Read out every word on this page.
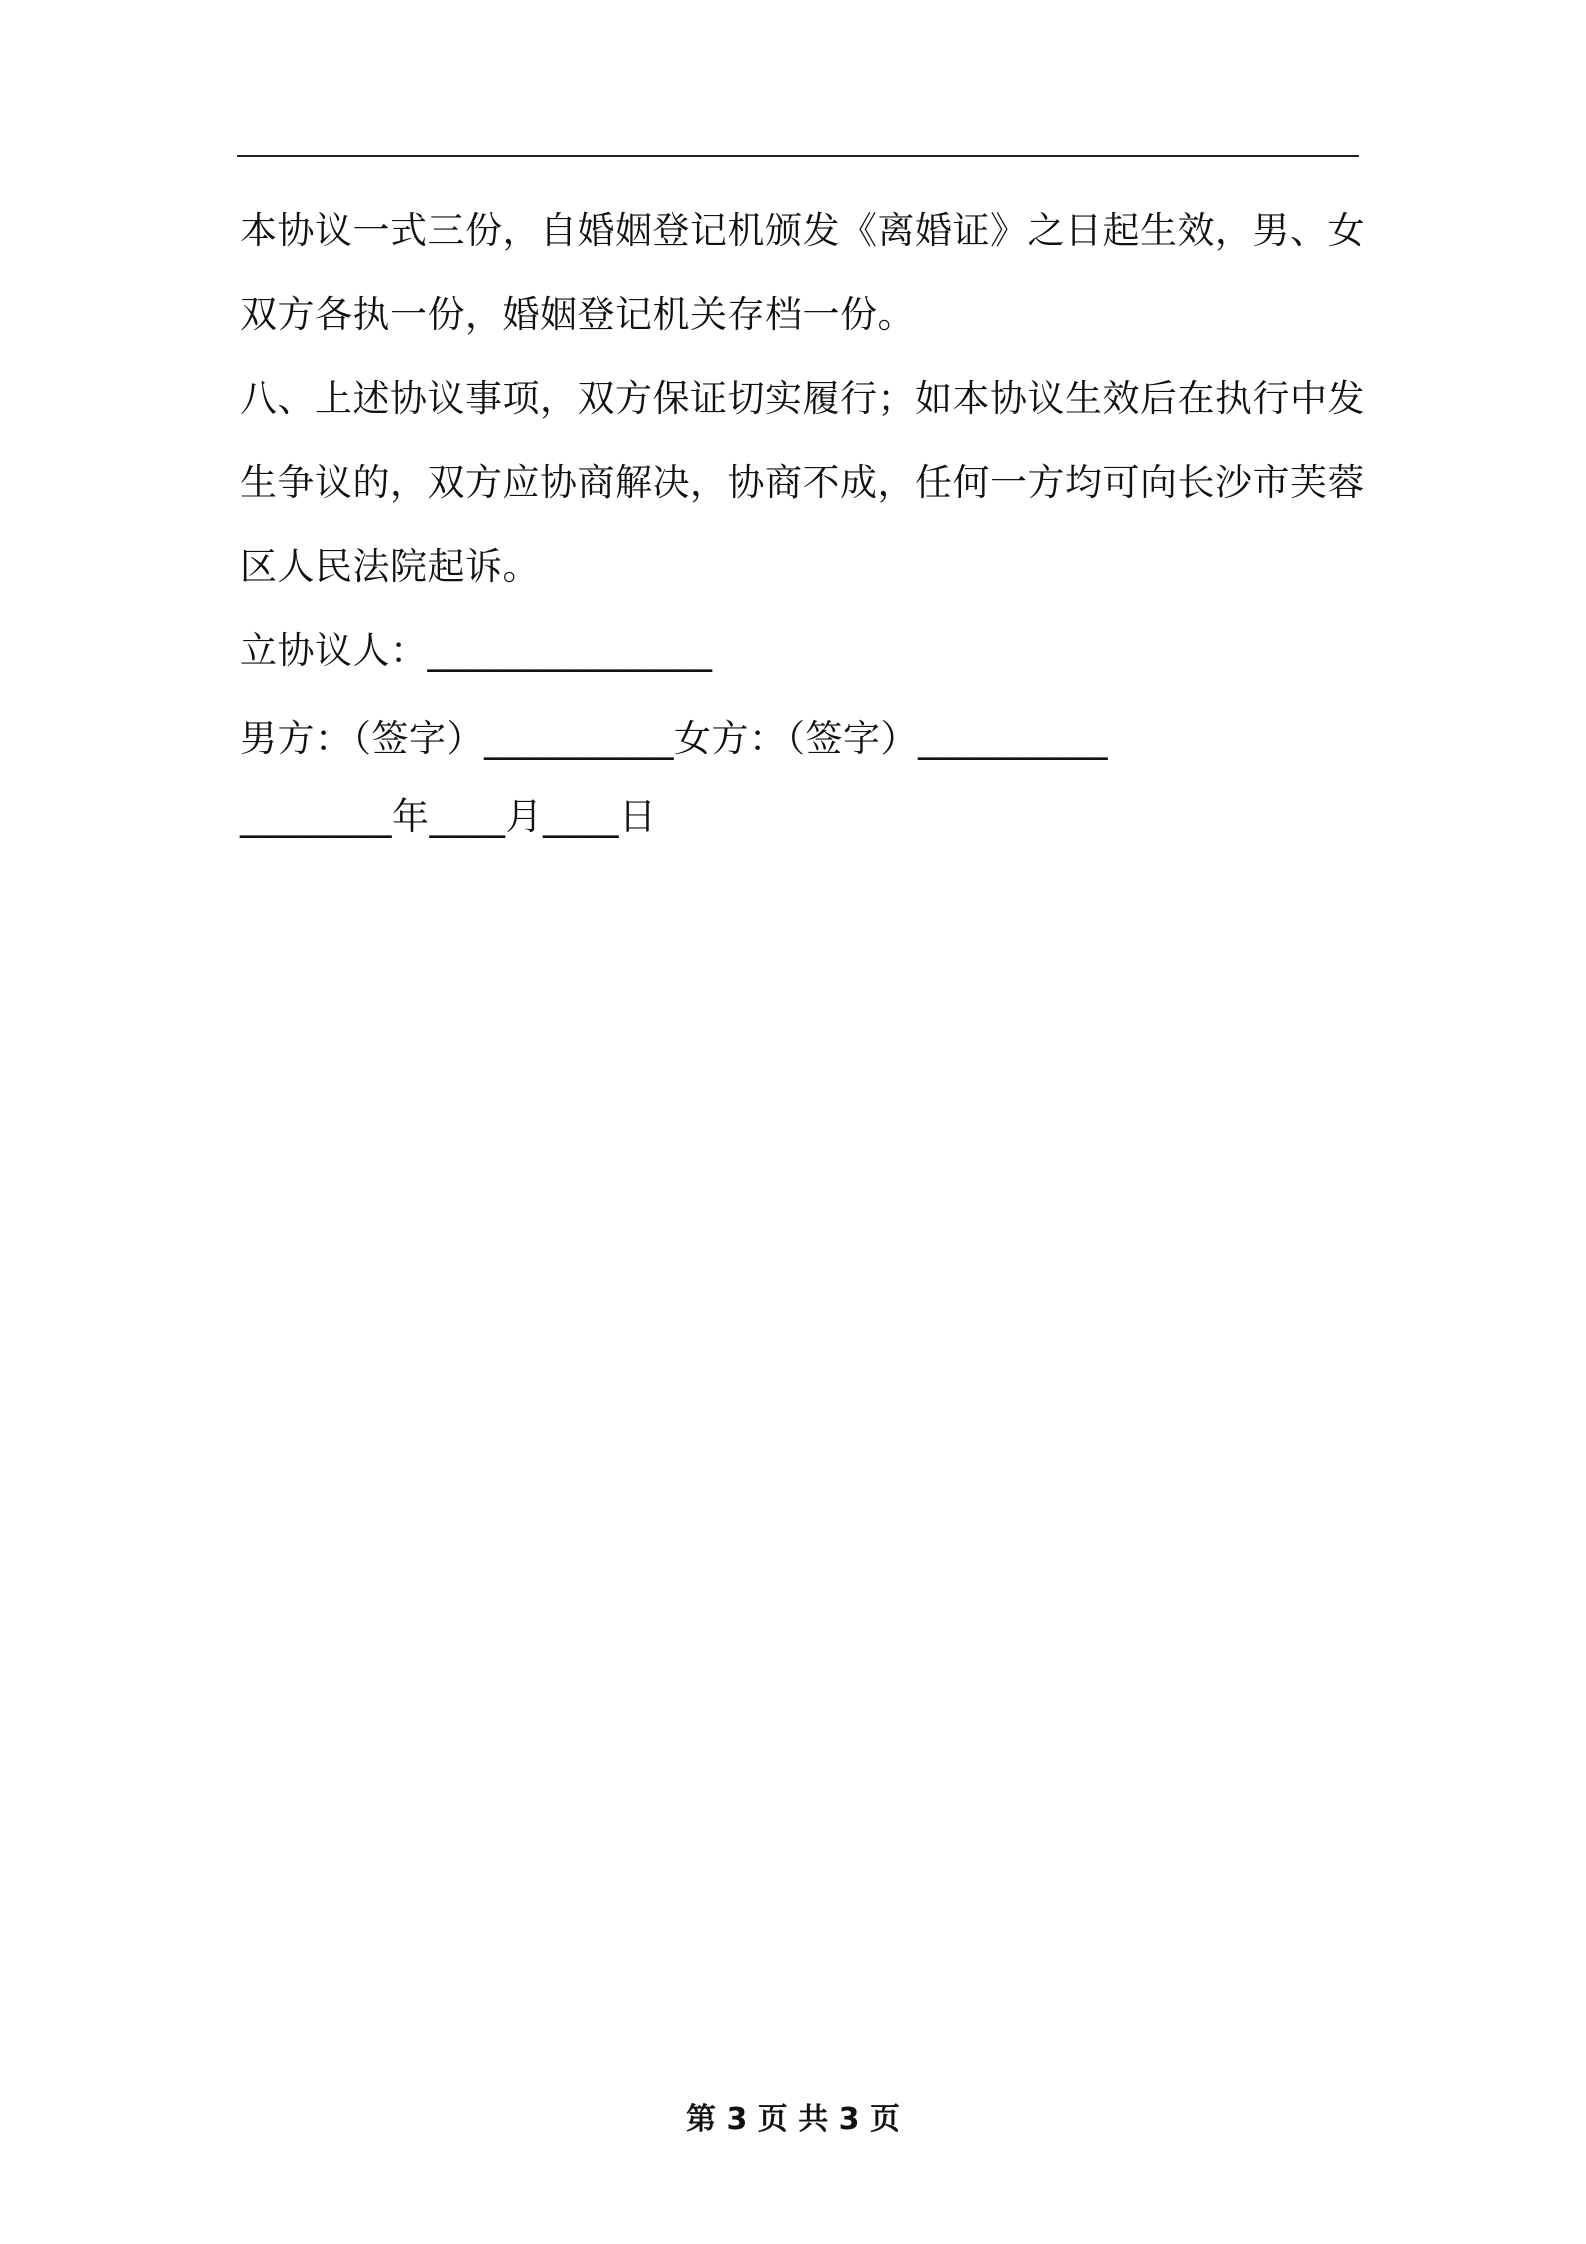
本协议一式三份，自婚姻登记机颁发《离婚证》之日起生效，男、女
双方各执一份，婚姻登记机关存档一份。
八、上述协议事项，双方保证切实履行；如本协议生效后在执行中发
生争议的，双方应协商解决，协商不成，任何一方均可向长沙市芙蓉
区人民法院起诉。
立协议人：_______________
男方：（签字）__________女方：（签字）__________
________年____月____日
第 3 页 共 3 页
